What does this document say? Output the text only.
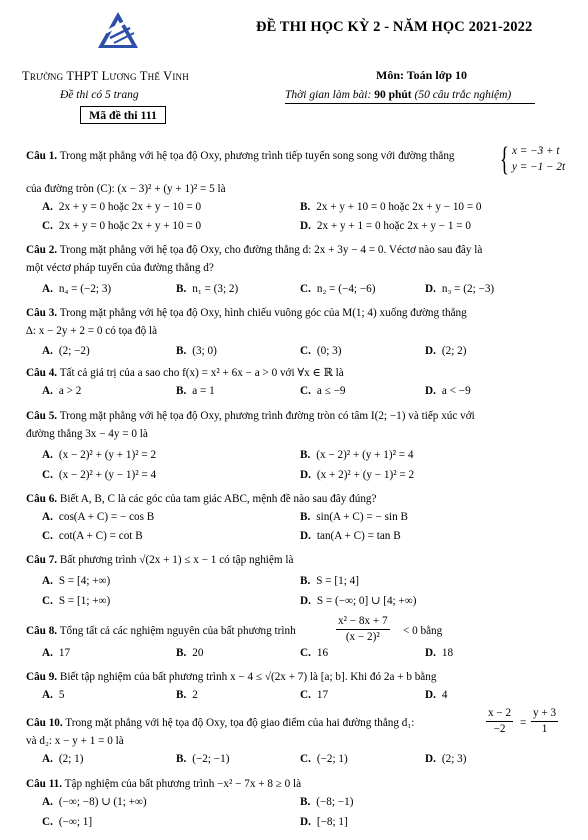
ĐỀ THI HỌC KỲ 2 - NĂM HỌC 2021-2022
Trường THPT Lương Thế Vinh
Đề thi có 5 trang
Mã đề thi 111
Môn: Toán lớp 10
Thời gian làm bài: 90 phút (50 câu trắc nghiệm)
Câu 1. Trong mặt phẳng với hệ tọa độ Oxy, phương trình tiếp tuyến song song với đường thẳng	{ x = −3 + t
y = −1 − 2t
của đường tròn (C): (x − 3)² + (y + 1)² = 5 là
A. 2x + y = 0 hoặc 2x + y − 10 = 0	B. 2x + y + 10 = 0 hoặc 2x + y − 10 = 0
C. 2x + y = 0 hoặc 2x + y + 10 = 0	D. 2x + y + 1 = 0 hoặc 2x + y − 1 = 0
Câu 2. Trong mặt phẳng với hệ tọa độ Oxy, cho đường thẳng d: 2x + 3y − 4 = 0. Véctơ nào sau đây là
một véctơ pháp tuyến của đường thẳng d?
A. n₄ = (−2; 3)	B. n₁ = (3; 2)	C. n₂ = (−4; −6)	D. n₃ = (2; −3)
Câu 3. Trong mặt phẳng với hệ tọa độ Oxy, hình chiếu vuông góc của M(1; 4) xuống đường thẳng
∆: x − 2y + 2 = 0 có tọa độ là
A. (2; −2)	B. (3; 0)	C. (0; 3)	D. (2; 2)
Câu 4. Tất cả giá trị của a sao cho f(x) = x² + 6x − a > 0 với ∀x ∈ ℝ là
A. a > 2	B. a = 1	C. a ≤ −9	D. a < −9
Câu 5. Trong mặt phẳng với hệ tọa độ Oxy, phương trình đường tròn có tâm I(2; −1) và tiếp xúc với
đường thẳng 3x − 4y = 0 là
A. (x − 2)² + (y + 1)² = 2	B. (x − 2)² + (y + 1)² = 4
C. (x − 2)² + (y − 1)² = 4	D. (x + 2)² + (y − 1)² = 2
Câu 6. Biết A, B, C là các góc của tam giác ABC, mệnh đề nào sau đây đúng?
A. cos(A + C) = − cos B	B. sin(A + C) = − sin B
C. cot(A + C) = cot B	D. tan(A + C) = tan B
Câu 7. Bất phương trình √(2x + 1) ≤ x − 1 có tập nghiệm là
A. S = [4; +∞)	B. S = [1; 4]
C. S = [1; +∞)	D. S = (−∞; 0] ∪ [4; +∞)
Câu 8. Tổng tất cả các nghiệm nguyên của bất phương trình	$\frac{\text{x² − 8x + 7}}{\text{(x − 2)²}} < 0$ bằng
A. 17	B. 20	C. 16	D. 18
Câu 9. Biết tập nghiệm của bất phương trình x − 4 ≤ √(2x + 7) là [a; b]. Khi đó 2a + b bằng
A. 5	B. 2	C. 17	D. 4
Câu 10. Trong mặt phẳng với hệ tọa độ Oxy, tọa độ giao điểm của hai đường thẳng d₁:	$\frac{x - 2}{-2} = \frac{y + 3}{1}$
và d₂: x − y + 1 = 0 là
A. (2; 1)	B. (−2; −1)	C. (−2; 1)	D. (2; 3)
Câu 11. Tập nghiệm của bất phương trình −x² − 7x + 8 ≥ 0 là
A. (−∞; −8) ∪ (1; +∞)	B. (−8; −1)
C. (−∞; 1]	D. [−8; 1]
